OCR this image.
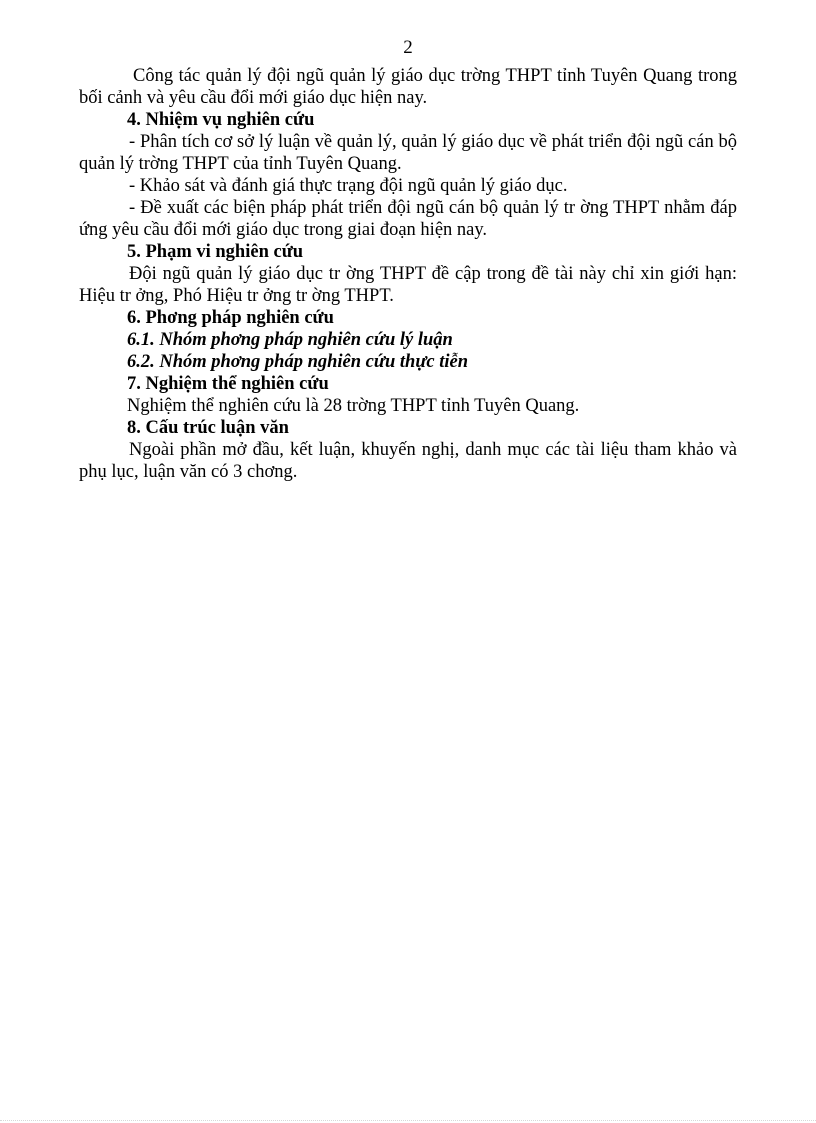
2

Công tác quản lý đội ngũ quản lý giáo dục trờng THPT tỉnh Tuyên Quang trong bối cảnh và yêu cầu đổi mới giáo dục hiện nay.

4. Nhiệm vụ nghiên cứu

- Phân tích cơ sở lý luận về quản lý, quản lý giáo dục về phát triển đội ngũ cán bộ quản lý trờng THPT của tỉnh Tuyên Quang.

- Khảo sát và đánh giá thực trạng đội ngũ quản lý giáo dục.

- Đề xuất các biện pháp phát triển đội ngũ cán bộ quản lý tr ờng THPT nhằm đáp ứng yêu cầu đổi mới giáo dục trong giai đoạn hiện nay.

5. Phạm vi nghiên cứu

Đội ngũ quản lý giáo dục tr ờng THPT đề cập trong đề tài này chỉ xin giới hạn: Hiệu tr ởng, Phó Hiệu tr ởng tr ờng THPT.

6. Phơng pháp nghiên cứu

6.1. Nhóm phơng pháp nghiên cứu lý luận

6.2. Nhóm phơng pháp nghiên cứu thực tiễn

7. Nghiệm thể nghiên cứu

Nghiệm thể nghiên cứu là 28 trờng THPT tỉnh Tuyên Quang.

8. Cấu trúc luận văn

Ngoài phần mở đầu, kết luận, khuyến nghị, danh mục các tài liệu tham khảo và phụ lục, luận văn có 3 chơng.
